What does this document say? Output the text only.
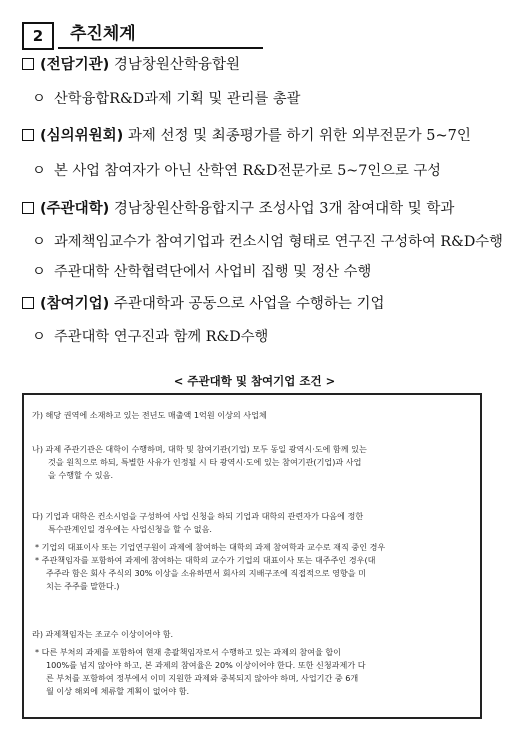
2	추진체계
(전담기관) 경남창원산학융합원
ㅇ 산학융합R&D과제 기획 및 관리를 총괄
(심의위원회) 과제 선정 및 최종평가를 하기 위한 외부전문가 5~7인
ㅇ 본 사업 참여자가 아닌 산학연 R&D전문가로 5~7인으로 구성
(주관대학) 경남창원산학융합지구 조성사업 3개 참여대학 및 학과
ㅇ 과제책임교수가 참여기업과 컨소시엄 형태로 연구진 구성하여 R&D수행
ㅇ 주관대학 산학협력단에서 사업비 집행 및 정산 수행
(참여기업) 주관대학과 공동으로 사업을 수행하는 기업
ㅇ 주관대학 연구진과 함께 R&D수행
< 주관대학 및 참여기업 조건 >
가) 해당 권역에 소재하고 있는 전년도 매출액 1억원 이상의 사업체
나) 과제 주관기관은 대학이 수행하며, 대학 및 참여기관(기업) 모두 동일 광역시·도에 함께 있는
것을 원칙으로 하되, 특별한 사유가 인정될 시 타 광역시·도에 있는 참여기관(기업)과 사업
을 수행할 수 있음.
다) 기업과 대학은 컨소시엄을 구성하여 사업 신청을 하되 기업과 대학의 관련자가 다음에 정한
특수관계인일 경우에는 사업신청을 할 수 없음.
* 기업의 대표이사 또는 기업연구원이 과제에 참여하는 대학의 과제 참여학과 교수로 재직 중인 경우
* 주관책임자를 포함하여 과제에 참여하는 대학의 교수가 기업의 대표이사 또는 대주주인 경우(대
주주라 함은 회사 주식의 30% 이상을 소유하면서 회사의 지배구조에 직접적으로 영향을 미
치는 주주를 말한다.)
라) 과제책임자는 조교수 이상이어야 함.
* 다른 부처의 과제를 포함하여 현재 총괄책임자로서 수행하고 있는 과제의 참여율 합이
100%를 넘지 않아야 하고, 본 과제의 참여율은 20% 이상이어야 한다. 또한 신청과제가 다
른 부처를 포함하여 정부에서 이미 지원한 과제와 중복되지 않아야 하며, 사업기간 중 6개
월 이상 해외에 체류할 계획이 없어야 함.
